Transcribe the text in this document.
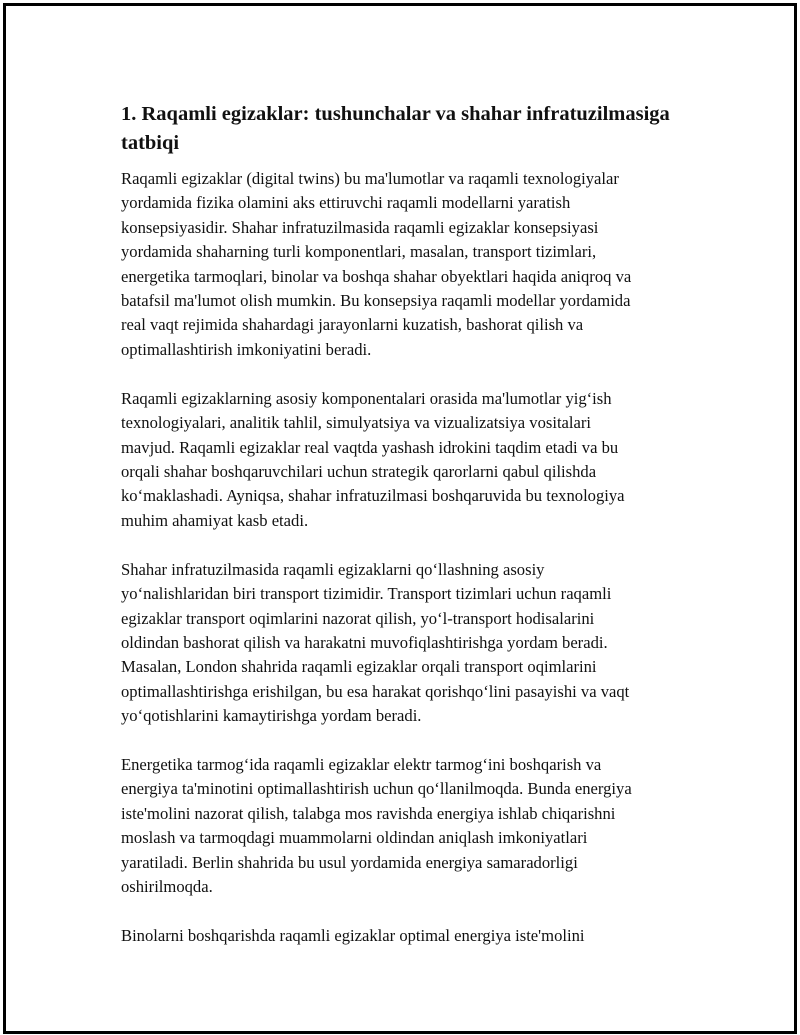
1. Raqamli egizaklar: tushunchalar va shahar infratuzilmasiga tatbiqi

Raqamli egizaklar (digital twins) bu ma'lumotlar va raqamli texnologiyalar
yordamida fizika olamini aks ettiruvchi raqamli modellarni yaratish
konsepsiyasidir. Shahar infratuzilmasida raqamli egizaklar konsepsiyasi
yordamida shaharning turli komponentlari, masalan, transport tizimlari,
energetika tarmoqlari, binolar va boshqa shahar obyektlari haqida aniqroq va
batafsil ma'lumot olish mumkin. Bu konsepsiya raqamli modellar yordamida
real vaqt rejimida shahardagi jarayonlarni kuzatish, bashorat qilish va
optimallashtirish imkoniyatini beradi.

Raqamli egizaklarning asosiy komponentalari orasida ma'lumotlar yig‘ish
texnologiyalari, analitik tahlil, simulyatsiya va vizualizatsiya vositalari
mavjud. Raqamli egizaklar real vaqtda yashash idrokini taqdim etadi va bu
orqali shahar boshqaruvchilari uchun strategik qarorlarni qabul qilishda
ko‘maklashadi. Ayniqsa, shahar infratuzilmasi boshqaruvida bu texnologiya
muhim ahamiyat kasb etadi.

Shahar infratuzilmasida raqamli egizaklarni qo‘llashning asosiy
yo‘nalishlaridan biri transport tizimidir. Transport tizimlari uchun raqamli
egizaklar transport oqimlarini nazorat qilish, yo‘l-transport hodisalarini
oldindan bashorat qilish va harakatni muvofiqlashtirishga yordam beradi.
Masalan, London shahrida raqamli egizaklar orqali transport oqimlarini
optimallashtirishga erishilgan, bu esa harakat qorishqo‘lini pasayishi va vaqt
yo‘qotishlarini kamaytirishga yordam beradi.

Energetika tarmog‘ida raqamli egizaklar elektr tarmog‘ini boshqarish va
energiya ta'minotini optimallashtirish uchun qo‘llanilmoqda. Bunda energiya
iste'molini nazorat qilish, talabga mos ravishda energiya ishlab chiqarishni
moslash va tarmoqdagi muammolarni oldindan aniqlash imkoniyatlari
yaratiladi. Berlin shahrida bu usul yordamida energiya samaradorligi
oshirilmoqda.

Binolarni boshqarishda raqamli egizaklar optimal energiya iste'molini
